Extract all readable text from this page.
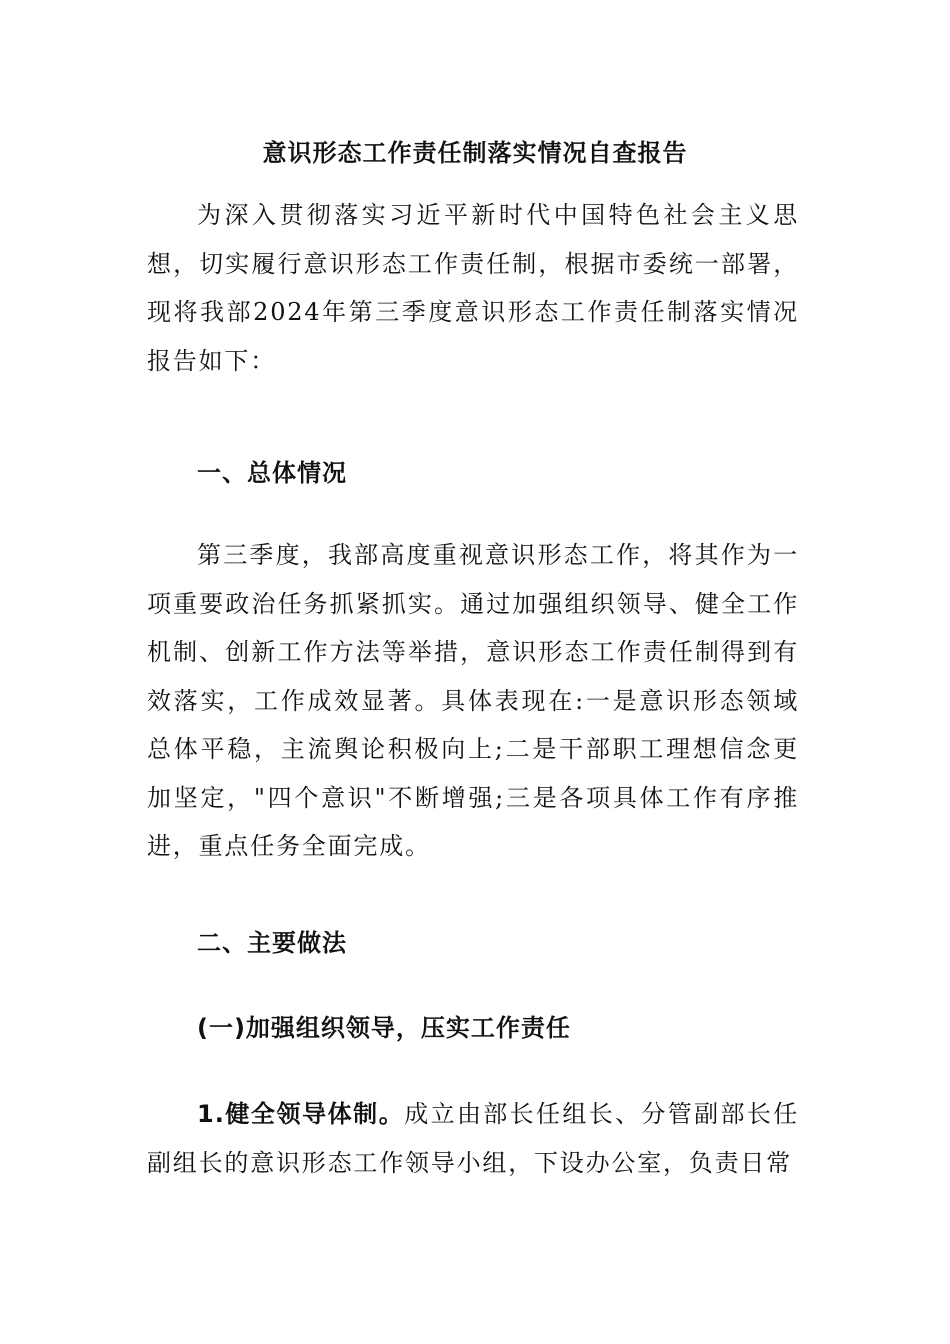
意识形态工作责任制落实情况自查报告

为深入贯彻落实习近平新时代中国特色社会主义思想，切实履行意识形态工作责任制，根据市委统一部署，现将我部2024年第三季度意识形态工作责任制落实情况报告如下：

一、总体情况

第三季度，我部高度重视意识形态工作，将其作为一项重要政治任务抓紧抓实。通过加强组织领导、健全工作机制、创新工作方法等举措，意识形态工作责任制得到有效落实，工作成效显著。具体表现在:一是意识形态领域总体平稳，主流舆论积极向上;二是干部职工理想信念更加坚定，"四个意识"不断增强;三是各项具体工作有序推进，重点任务全面完成。

二、主要做法
(一)加强组织领导，压实工作责任

1.健全领导体制。成立由部长任组长、分管副部长任副组长的意识形态工作领导小组，下设办公室，负责日常
